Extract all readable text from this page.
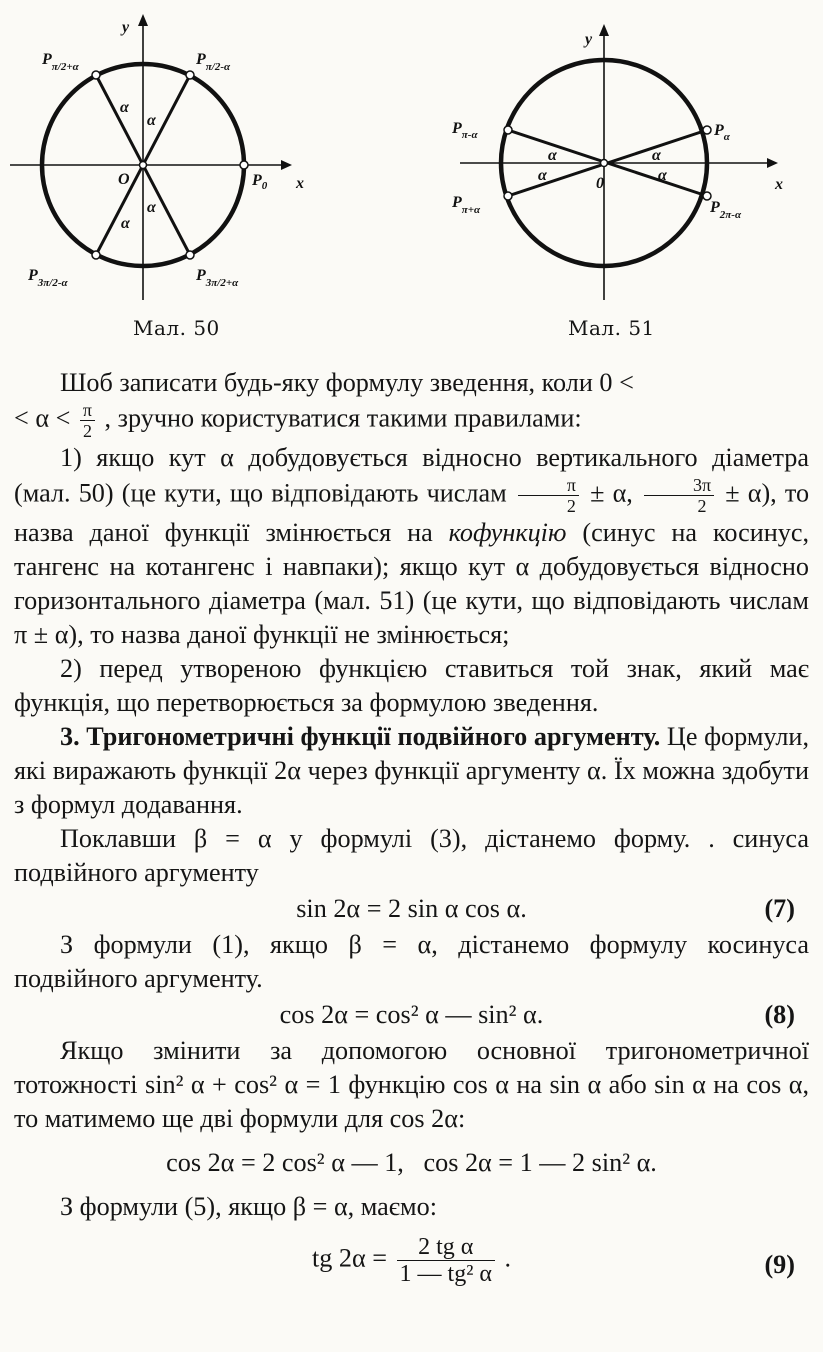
y
x
O	$P_0$
$P_{\pi/2+\alpha}$	$P_{\pi/2-\alpha}$
$P_{3\pi/2-\alpha}$	$P_{3\pi/2+\alpha}$
α
α
α
α
Мал. 50
y
x
0
$P_\alpha$
$P_{2\pi-\alpha}$
$P_{\pi-\alpha}$
$P_{\pi+\alpha}$
α
α
α
α
Мал. 51

Шоб записати будь-яку формулу зведення, коли 0 <

< $\alpha < \frac{\pi}{2}$ , зручно користуватися такими правилами:

1) якщо кут α добудовується відносно вертикального діаметра (мал. 50) (це кути, що відповідають числам $\frac{\pi}{2} \pm \alpha$, $\frac{3\pi}{2} \pm \alpha$), то назва даної функції змінюється на кофункцію (синус на косинус, тангенс на котангенс і навпаки); якщо кут α добудовується відносно горизонтального діаметра (мал. 51) (це кути, що відповідають числам π ± α), то назва даної функції не змінюється;

2) перед утвореною функцією ставиться той знак, який має функція, що перетворюється за формулою зведення.

3. Тригонометричні функції подвійного аргументу. Це формули, які виражають функції 2α через функції аргументу α. Їх можна здобути з формул додавання.

Поклавши β = α у формулі (3), дістанемо форму. . синуса подвійного аргументу

sin 2α = 2 sin α cos α.	(7)

З формули (1), якщо β = α, дістанемо формулу косинуса подвійного аргументу.

cos 2α = cos² α — sin² α.	(8)

Якщо змінити за допомогою основної тригонометричної тотожності sin² α + cos² α = 1 функцію cos α на sin α або sin α на cos α, то матимемо ще дві формули для cos 2α:

cos 2α = 2 cos² α — 1,   cos 2α = 1 — 2 sin² α.

З формули (5), якщо β = α, маємо:

tg $2\alpha = \frac{\text{2 tg α}}{\text{1 — tg² α}}$ .	(9)
